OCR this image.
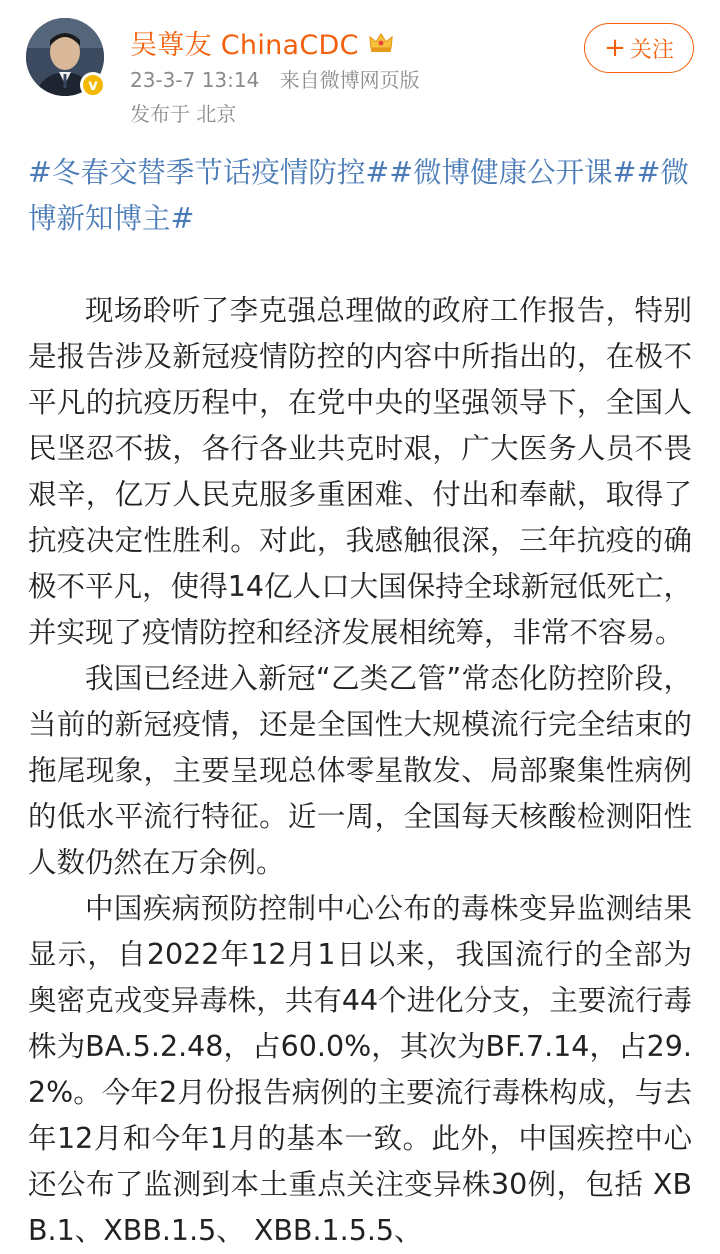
v
吴尊友 ChinaCDC
23-3-7 13:14 来自微博网页版
发布于 北京
+ 关注

#冬春交替季节话疫情防控##微博健康公开课##微博新知博主#

现场聆听了李克强总理做的政府工作报告，特别是报告涉及新冠疫情防控的内容中所指出的，在极不平凡的抗疫历程中，在党中央的坚强领导下，全国人民坚忍不拔，各行各业共克时艰，广大医务人员不畏艰辛，亿万人民克服多重困难、付出和奉献，取得了抗疫决定性胜利。对此，我感触很深，三年抗疫的确极不平凡，使得14亿人口大国保持全球新冠低死亡，并实现了疫情防控和经济发展相统筹，非常不容易。

我国已经进入新冠“乙类乙管”常态化防控阶段，当前的新冠疫情，还是全国性大规模流行完全结束的拖尾现象，主要呈现总体零星散发、局部聚集性病例的低水平流行特征。近一周，全国每天核酸检测阳性人数仍然在万余例。

中国疾病预防控制中心公布的毒株变异监测结果显示，自2022年12月1日以来，我国流行的全部为奥密克戎变异毒株，共有44个进化分支，主要流行毒株为BA.5.2.48，占60.0%，其次为BF.7.14，占29.2%。今年2月份报告病例的主要流行毒株构成，与去年12月和今年1月的基本一致。此外，中国疾控中心还公布了监测到本土重点关注变异株30例，包括 XBB.1、XBB.1.5、 XBB.1.5.5、
